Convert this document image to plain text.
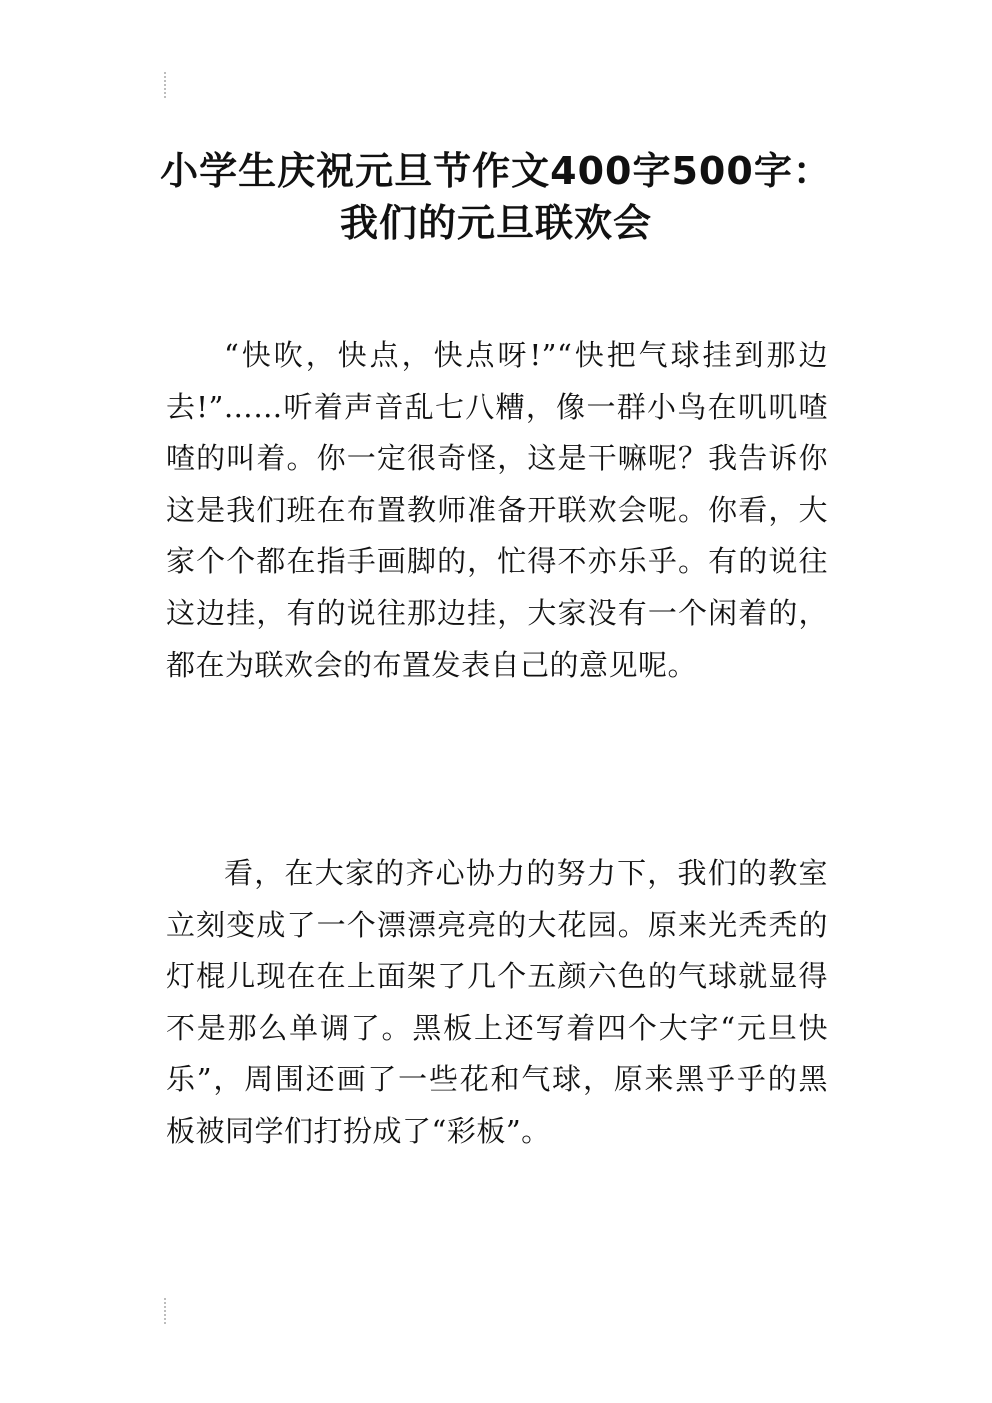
小学生庆祝元旦节作文400字500字：
我们的元旦联欢会

“快吹，快点，快点呀!”“快把气球挂到那边去!”……听着声音乱七八糟，像一群小鸟在叽叽喳喳的叫着。你一定很奇怪，这是干嘛呢？我告诉你这是我们班在布置教师准备开联欢会呢。你看，大家个个都在指手画脚的，忙得不亦乐乎。有的说往这边挂，有的说往那边挂，大家没有一个闲着的，都在为联欢会的布置发表自己的意见呢。

看，在大家的齐心协力的努力下，我们的教室立刻变成了一个漂漂亮亮的大花园。原来光秃秃的灯棍儿现在在上面架了几个五颜六色的气球就显得不是那么单调了。黑板上还写着四个大字“元旦快乐”，周围还画了一些花和气球，原来黑乎乎的黑板被同学们打扮成了“彩板”。
